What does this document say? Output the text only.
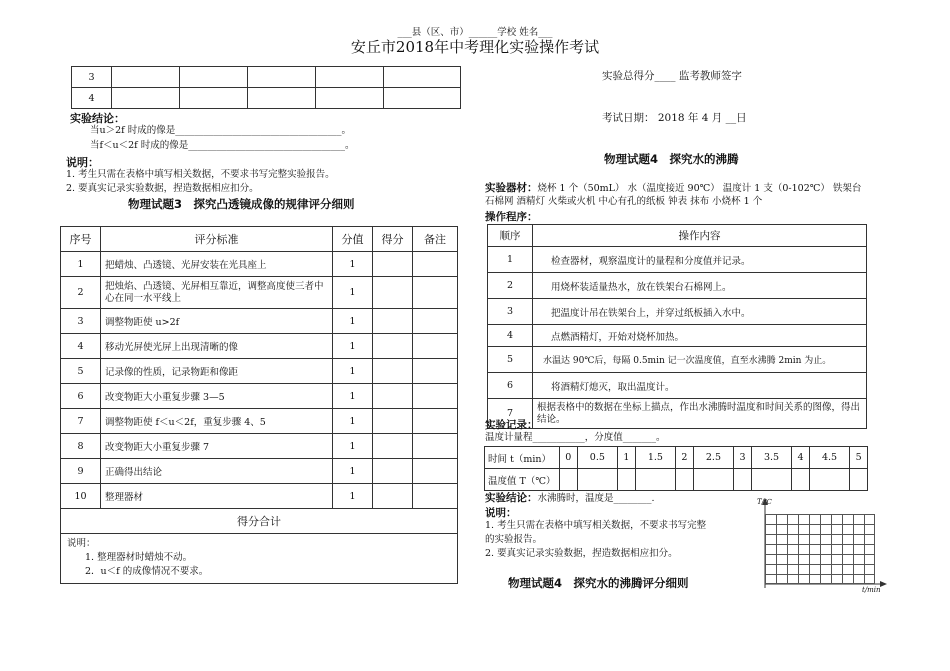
___县（区、市）______学校 姓名___
安丘市2018年中考理化实验操作考试
3					
4					
实验结论：
当u＞2f 时成的像是___________________________________。
当f＜u＜2f 时成的像是_________________________________。
说明：
1. 考生只需在表格中填写相关数据，不要求书写完整实验报告。
2. 要真实记录实验数据，捏造数据相应扣分。
物理试题3　探究凸透镜成像的规律评分细则
序号	评分标准	分值	得分	备注
1	把蜡烛、凸透镜、光屏安装在光具座上	1		
2	把烛焰、凸透镜、光屏相互靠近，调整高度使三者中心在同一水平线上	1		
3	调整物距使 u>2f	1		
4	移动光屏使光屏上出现清晰的像	1		
5	记录像的性质，记录物距和像距	1		
6	改变物距大小重复步骤 3—5	1		
7	调整物距使 f＜u＜2f，重复步骤 4、5	1		
8	改变物距大小重复步骤 7	1		
9	正确得出结论	1		
10	整理器材	1		
得分合计				

说明：
1. 整理器材时蜡烛不动。
2．u＜f 的成像情况不要求。				
实验总得分____ 监考教师签字
考试日期： 2018 年 4 月 __日
物理试题4　探究水的沸腾
实验器材：烧杯 1 个（50mL） 水（温度接近 90℃） 温度计 1 支（0-102℃） 铁架台
石棉网 酒精灯 火柴或火机 中心有孔的纸板 钟表 抹布 小烧杯 1 个
操作程序：
顺序	操作内容
1	检查器材，观察温度计的量程和分度值并记录。
2	用烧杯装适量热水，放在铁架台石棉网上。
3	把温度计吊在铁架台上，并穿过纸板插入水中。
4	点燃酒精灯，开始对烧杯加热。
5	水温达 90℃后，每隔 0.5min 记一次温度值，直至水沸腾 2min 为止。
6	将酒精灯熄灭，取出温度计。
7	根据表格中的数据在坐标上描点，作出水沸腾时温度和时间关系的图像，得出结论。
实验记录：
温度计量程___________，分度值_______。
时间 t（min）	0	0.5	1	1.5	2	2.5	3	3.5	4	4.5	5
温度值 T（℃）											
实验结论：水沸腾时，温度是________.
说明：
1. 考生只需在表格中填写相关数据，不要求书写完整
的实验报告。
2. 要真实记录实验数据，捏造数据相应扣分。
T/℃
t/min
物理试题4　探究水的沸腾评分细则
